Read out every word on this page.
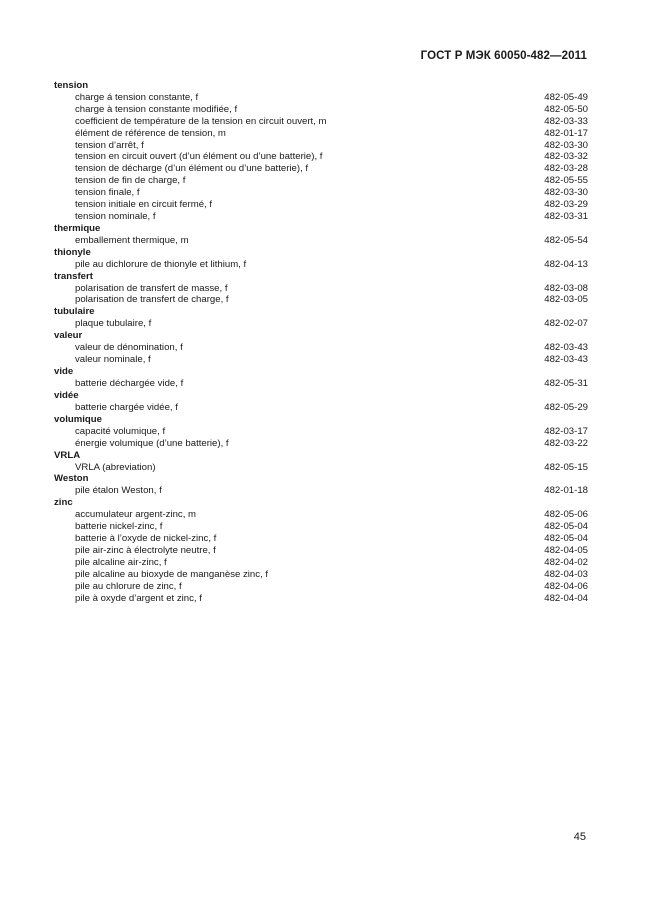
ГОСТ Р МЭК 60050-482—2011
tension
charge á tension constante, f	482-05-49
charge à tension constante modifiée, f	482-05-50
coefficient de température de la tension en circuit ouvert, m	482-03-33
élément de référence de tension, m	482-01-17
tension d’arrêt, f	482-03-30
tension en circuit ouvert (d’un élément ou d’une batterie), f	482-03-32
tension de décharge (d’un élément ou d’une batterie), f	482-03-28
tension de fin de charge, f	482-05-55
tension finale, f	482-03-30
tension initiale en circuit fermé, f	482-03-29
tension nominale, f	482-03-31
thermique
emballement thermique, m	482-05-54
thionyle
pile au dichlorure de thionyle et lithium, f	482-04-13
transfert
polarisation de transfert de masse, f	482-03-08
polarisation de transfert de charge, f	482-03-05
tubulaire
plaque tubulaire, f	482-02-07
valeur
valeur de dénomination, f	482-03-43
valeur nominale, f	482-03-43
vide
batterie déchargée vide, f	482-05-31
vidée
batterie chargée vidée, f	482-05-29
volumique
capacité volumique, f	482-03-17
énergie volumique (d’une batterie), f	482-03-22
VRLA
VRLA (abreviation)	482-05-15
Weston
pile étalon Weston, f	482-01-18
zinc
accumulateur argent-zinc, m	482-05-06
batterie nickel-zinc, f	482-05-04
batterie à l’oxyde de nickel-zinc, f	482-05-04
pile air-zinc à électrolyte neutre, f	482-04-05
pile alcaline air-zinc, f	482-04-02
pile alcaline au bioxyde de manganèse zinc, f	482-04-03
pile au chlorure de zinc, f	482-04-06
pile à oxyde d’argent et zinc, f	482-04-04
45
